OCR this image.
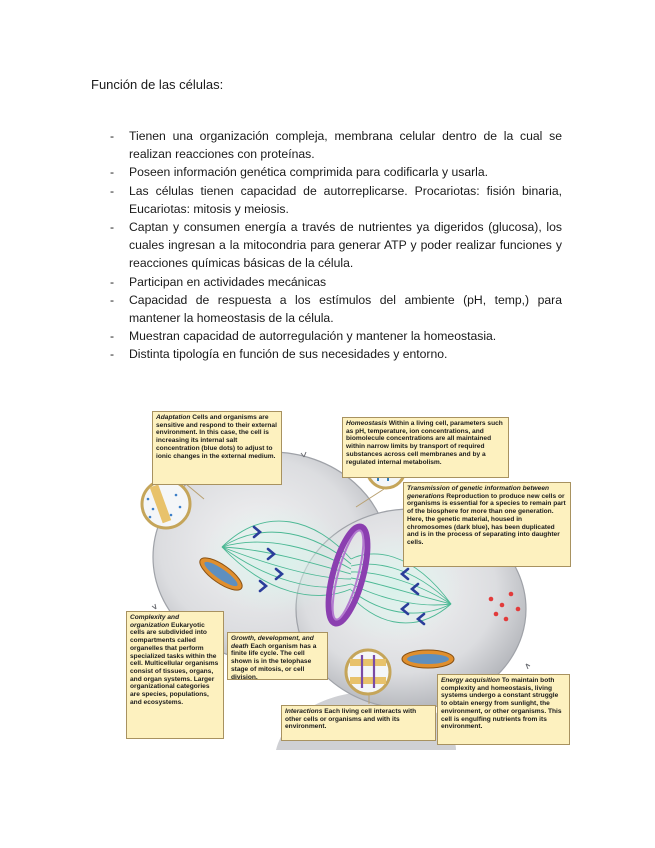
Función de las células:
- Tienen una organización compleja, membrana celular dentro de la cual se realizan reacciones con proteínas.
- Poseen información genética comprimida para codificarla y usarla.
- Las células tienen capacidad de autorreplicarse. Procariotas: fisión binaria, Eucariotas: mitosis y meiosis.
- Captan y consumen energía a través de nutrientes ya digeridos (glucosa), los cuales ingresan a la mitocondria para generar ATP y poder realizar funciones y reacciones químicas básicas de la célula.
- Participan en actividades mecánicas
- Capacidad de respuesta a los estímulos del ambiente (pH, temp,) para mantener la homeostasis de la célula.
- Muestran capacidad de autorregulación y mantener la homeostasia.
- Distinta tipología en función de sus necesidades y entorno.
Adaptation Cells and organisms are sensitive and respond to their external environment. In this case, the cell is increasing its internal salt concentration (blue dots) to adjust to ionic changes in the external medium.
Homeostasis Within a living cell, parameters such as pH, temperature, ion concentrations, and biomolecule concentrations are all maintained within narrow limits by transport of required substances across cell membranes and by a regulated internal metabolism.
Transmission of genetic information between generations Reproduction to produce new cells or organisms is essential for a species to remain part of the biosphere for more than one generation. Here, the genetic material, housed in chromosomes (dark blue), has been duplicated and is in the process of separating into daughter cells.
Complexity and organization Eukaryotic cells are subdivided into compartments called organelles that perform specialized tasks within the cell. Multicellular organisms consist of tissues, organs, and organ systems. Larger organizational categories are species, populations, and ecosystems.
Growth, development, and death Each organism has a finite life cycle. The cell shown is in the telophase stage of mitosis, or cell division.
Interactions Each living cell interacts with other cells or organisms and with its environment.
Energy acquisition To maintain both complexity and homeostasis, living systems undergo a constant struggle to obtain energy from sunlight, the environment, or other organisms. This cell is engulfing nutrients from its environment.
